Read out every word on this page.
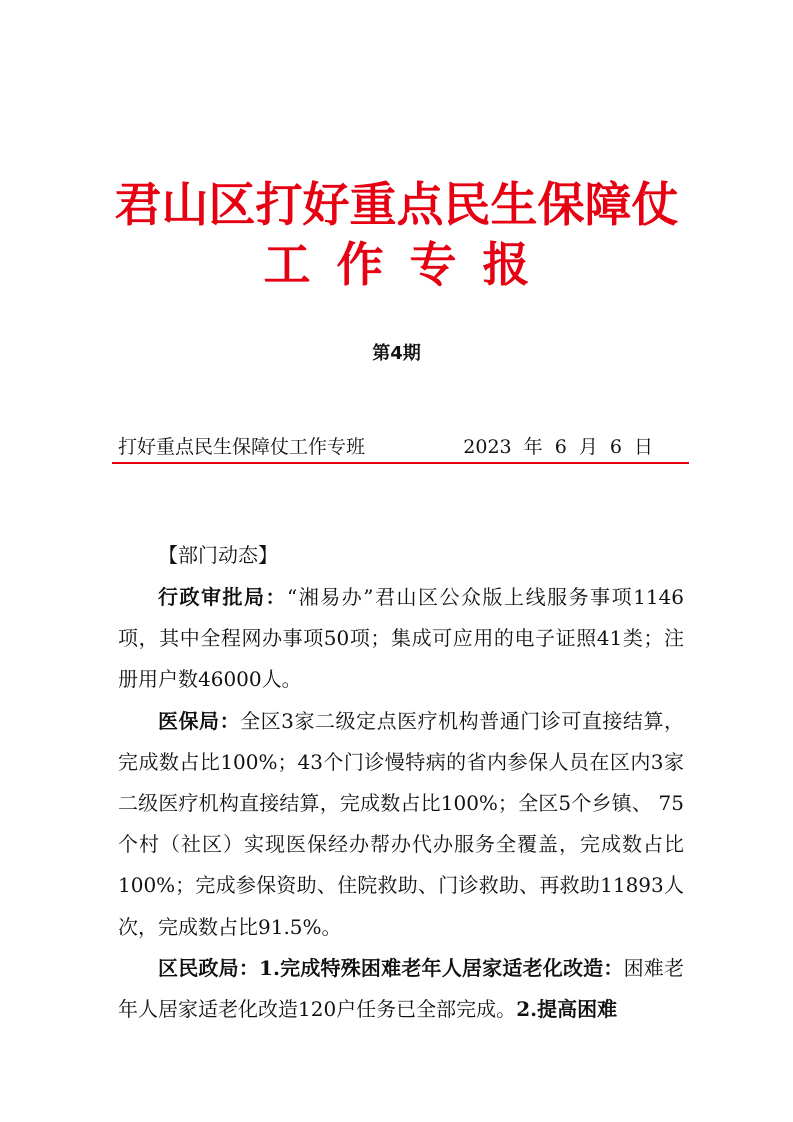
君山区打好重点民生保障仗
工作专报
第4期
打好重点民生保障仗工作专班	2023 年 6 月 6 日

【部门动态】

行政审批局：“湘易办”君山区公众版上线服务事项1146项，其中全程网办事项50项；集成可应用的电子证照41类；注册用户数46000人。

医保局：全区3家二级定点医疗机构普通门诊可直接结算，完成数占比100%；43个门诊慢特病的省内参保人员在区内3家二级医疗机构直接结算，完成数占比100%；全区5个乡镇、 75个村（社区）实现医保经办帮办代办服务全覆盖，完成数占比100%；完成参保资助、住院救助、门诊救助、再救助11893人次，完成数占比91.5%。

区民政局：1.完成特殊困难老年人居家适老化改造：困难老年人居家适老化改造120户任务已全部完成。2.提高困难
